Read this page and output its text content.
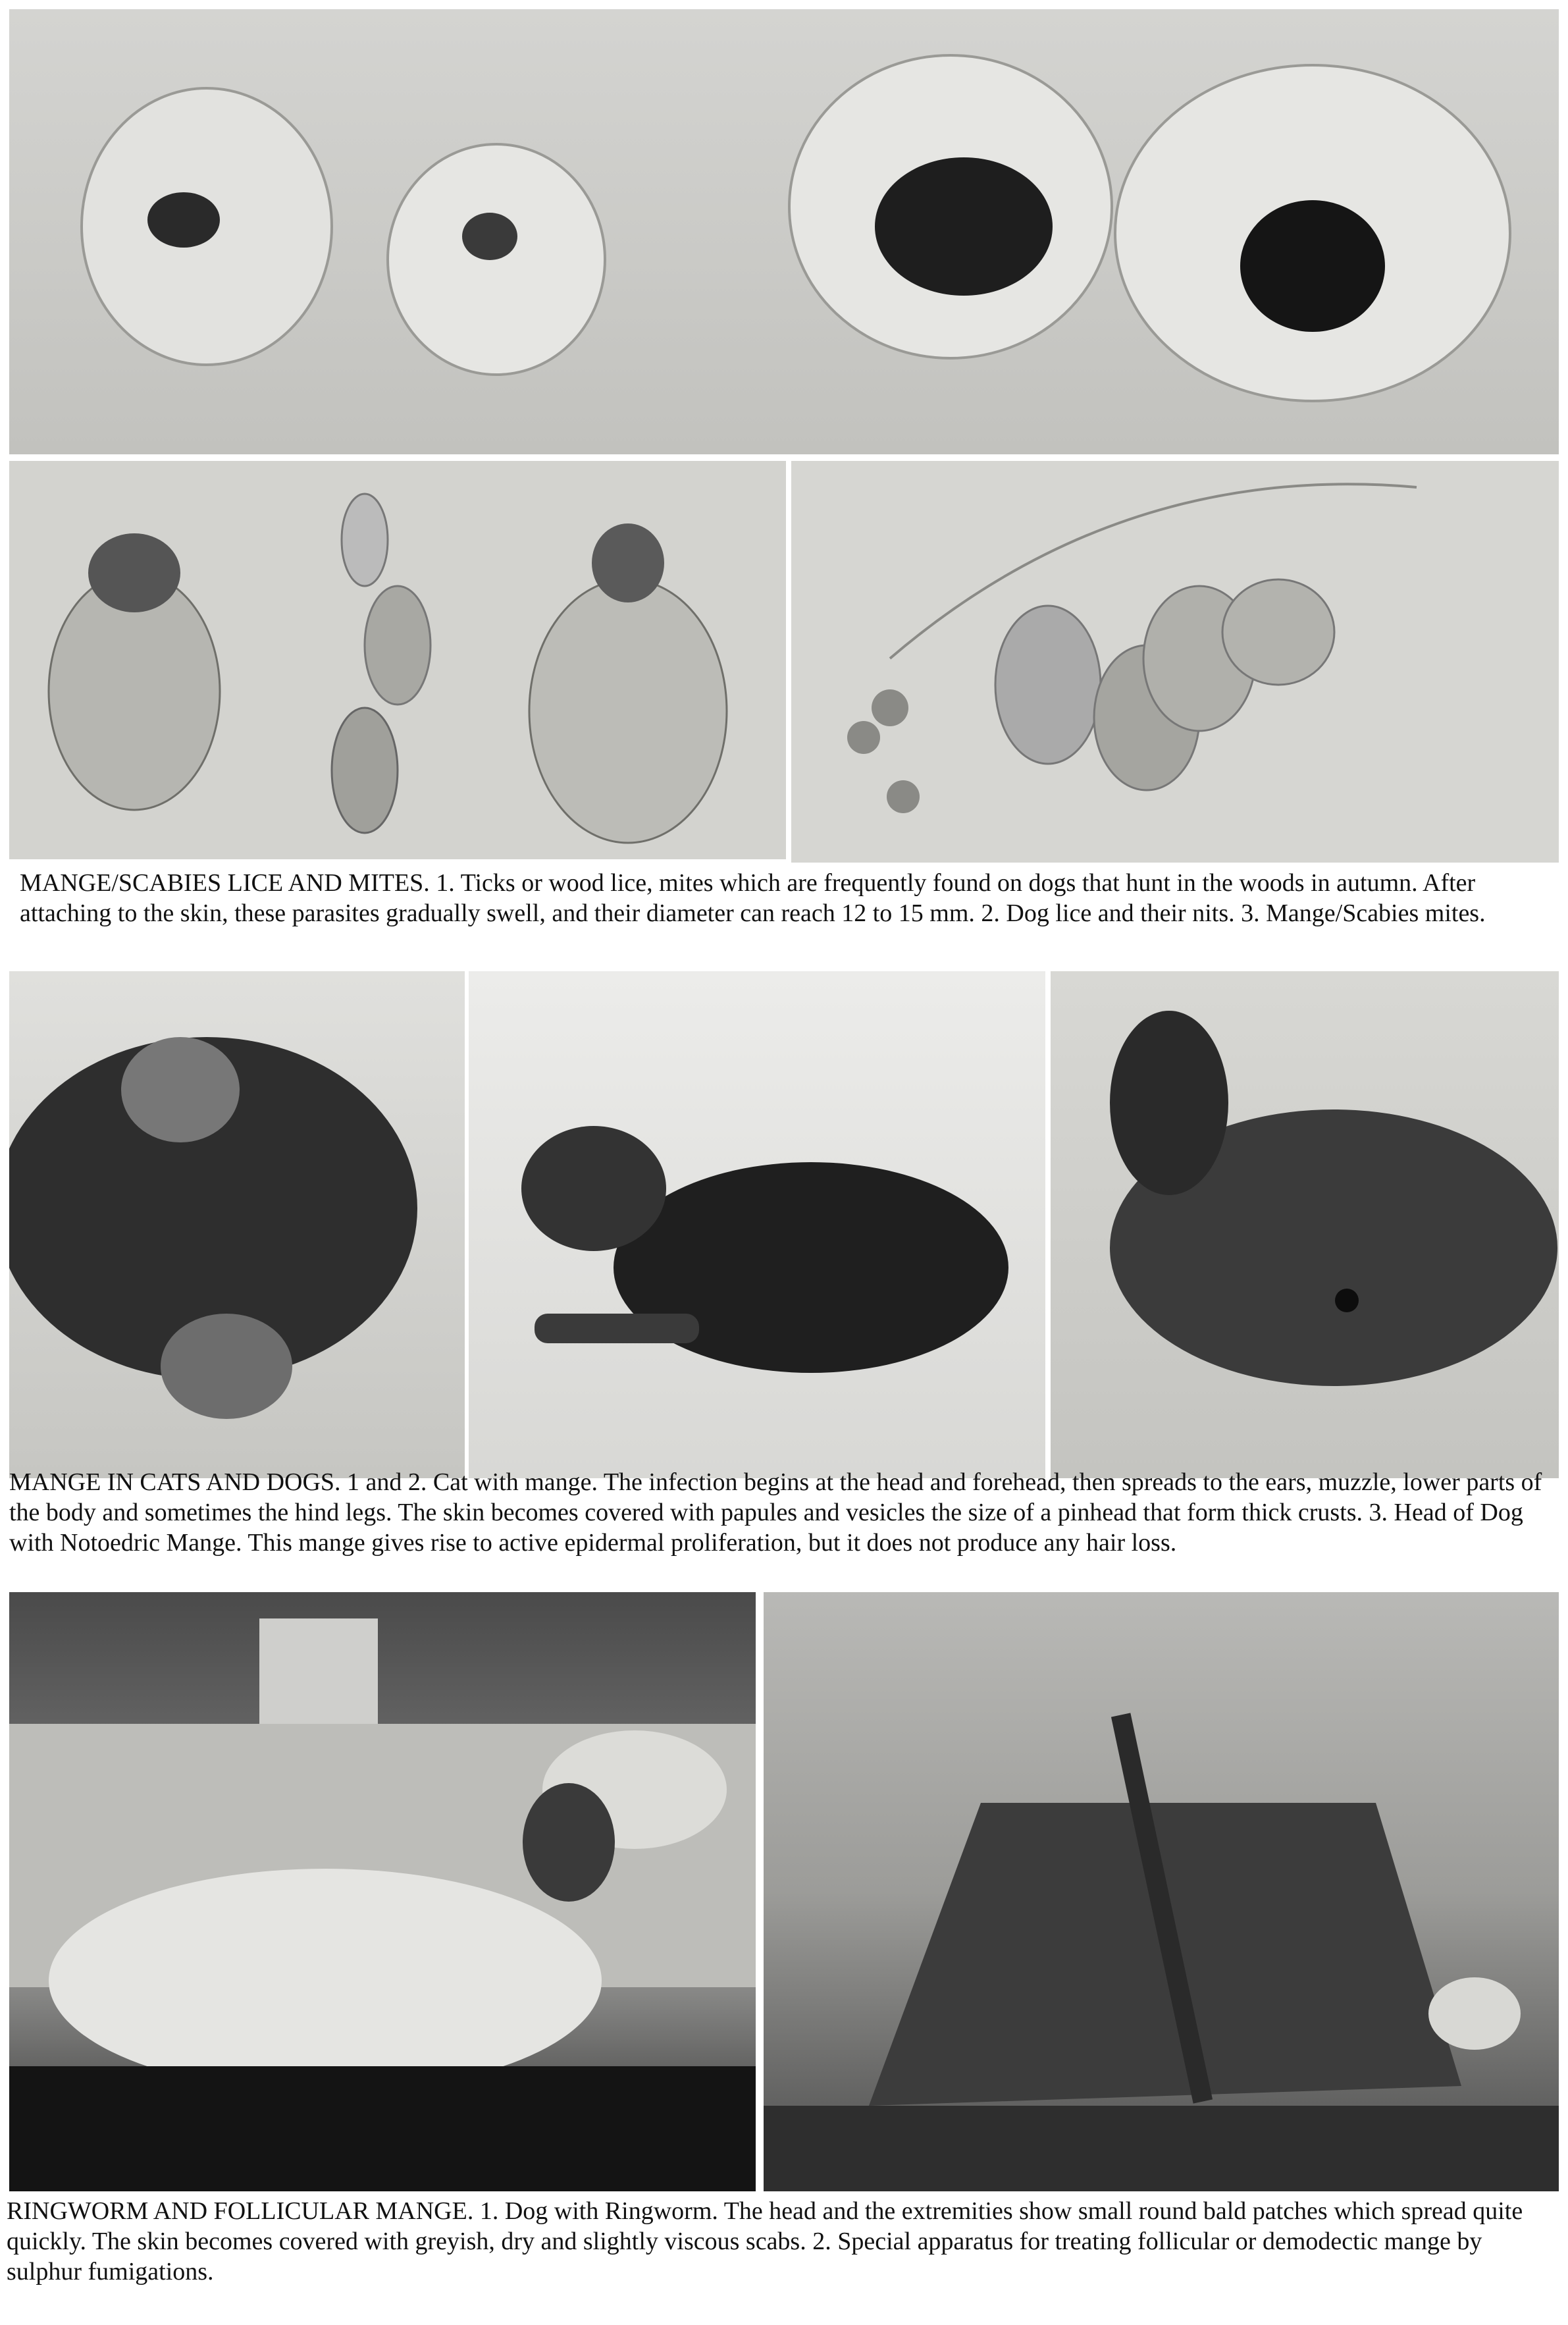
MANGE/SCABIES LICE AND MITES. 1. Ticks or wood lice, mites which are frequently found on dogs that hunt in the woods in autumn. After attaching to the skin, these parasites gradually swell, and their diameter can reach 12 to 15 mm. 2. Dog lice and their nits. 3. Mange/Scabies mites.
MANGE IN CATS AND DOGS. 1 and 2. Cat with mange. The infection begins at the head and forehead, then spreads to the ears, muzzle, lower parts of the body and sometimes the hind legs. The skin becomes covered with papules and vesicles the size of a pinhead that form thick crusts. 3. Head of Dog with Notoedric Mange. This mange gives rise to active epidermal proliferation, but it does not produce any hair loss.
RINGWORM AND FOLLICULAR MANGE. 1. Dog with Ringworm. The head and the extremities show small round bald patches which spread quite quickly. The skin becomes covered with greyish, dry and slightly viscous scabs. 2. Special apparatus for treating follicular or demodectic mange by sulphur fumigations.
